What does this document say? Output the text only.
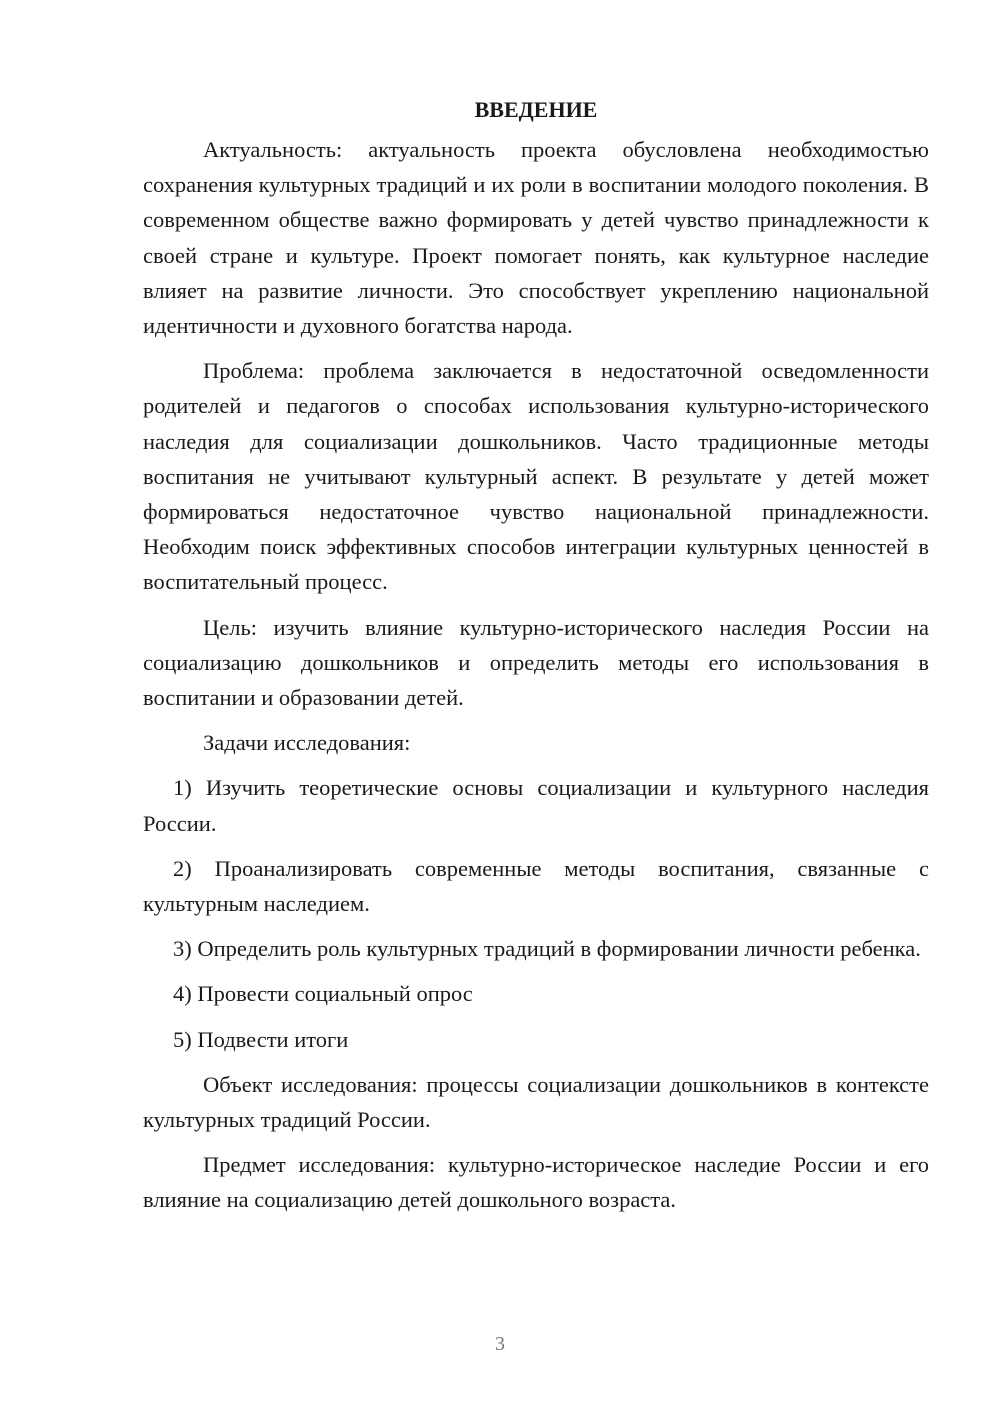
ВВЕДЕНИЕ

Актуальность: актуальность проекта обусловлена необходимостью сохранения культурных традиций и их роли в воспитании молодого поколения. В современном обществе важно формировать у детей чувство принадлежности к своей стране и культуре. Проект помогает понять, как культурное наследие влияет на развитие личности. Это способствует укреплению национальной идентичности и духовного богатства народа.

Проблема: проблема заключается в недостаточной осведомленности родителей и педагогов о способах использования культурно-исторического наследия для социализации дошкольников. Часто традиционные методы воспитания не учитывают культурный аспект. В результате у детей может формироваться недостаточное чувство национальной принадлежности. Необходим поиск эффективных способов интеграции культурных ценностей в воспитательный процесс.

Цель: изучить влияние культурно-исторического наследия России на социализацию дошкольников и определить методы его использования в воспитании и образовании детей.

Задачи исследования:

1) Изучить теоретические основы социализации и культурного наследия России.

2) Проанализировать современные методы воспитания, связанные с культурным наследием.

3) Определить роль культурных традиций в формировании личности ребенка.

4) Провести социальный опрос

5) Подвести итоги

Объект исследования: процессы социализации дошкольников в контексте культурных традиций России.

Предмет исследования: культурно-историческое наследие России и его влияние на социализацию детей дошкольного возраста.

3
